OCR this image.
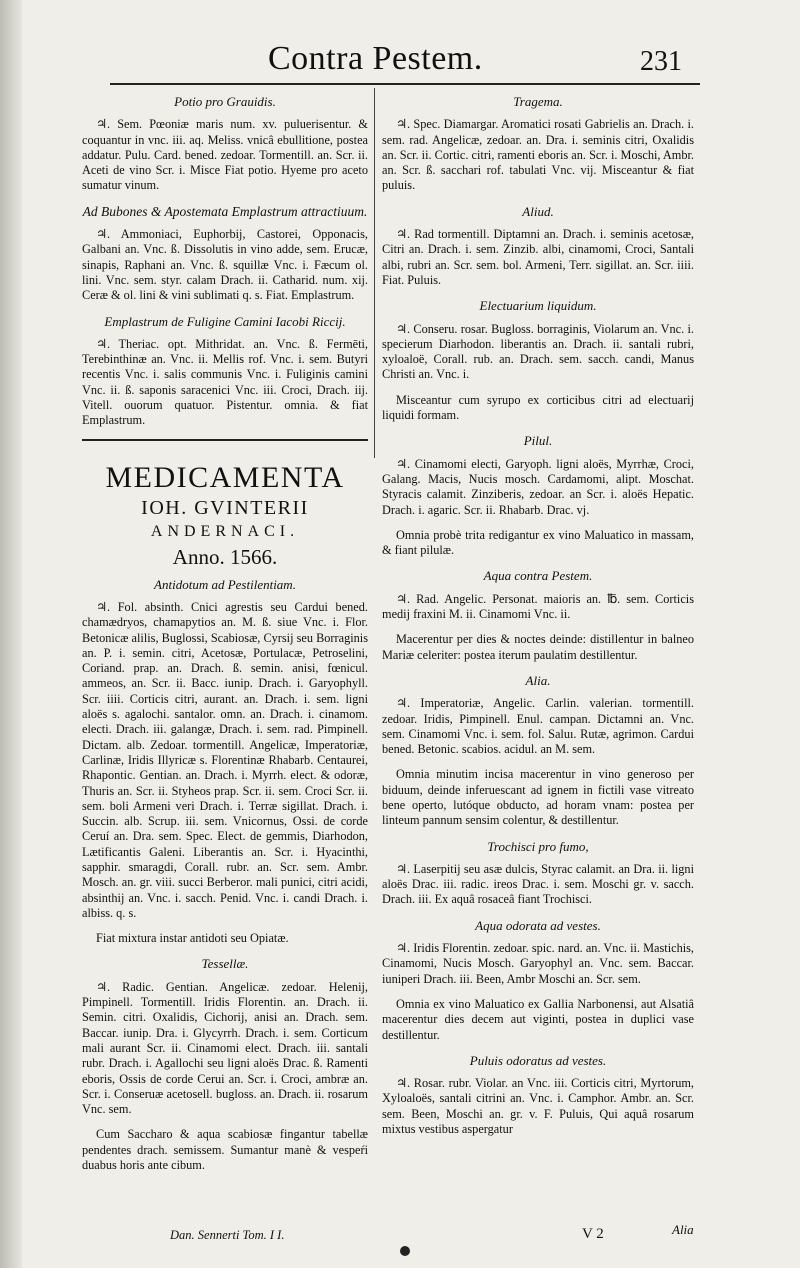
Contra Pestem.	231
Potio pro Grauidis.

♃. Sem. Pœoniæ maris num. xv. puluerisentur. & coquantur in vnc. iii. aq. Meliss. vnicâ ebullitione, postea addatur. Pulu. Card. bened. zedoar. Tormentill. an. Scr. ii. Aceti de vino Scr. i. Misce Fiat potio. Hyeme pro aceto sumatur vinum.

Ad Bubones & Apostemata Emplastrum attractiuum.

♃. Ammoniaci, Euphorbij, Castorei, Opponacis, Galbani an. Vnc. ß. Dissolutis in vino adde, sem. Erucæ, sinapis, Raphani an. Vnc. ß. squillæ Vnc. i. Fæcum ol. lini. Vnc. sem. styr. calam Drach. ii. Catharid. num. xij. Ceræ & ol. lini & vini sublimati q. s. Fiat. Emplastrum.

Emplastrum de Fuligine Camini Iacobi Riccij.

♃. Theriac. opt. Mithridat. an. Vnc. ß. Fermēti, Terebinthinæ an. Vnc. ii. Mellis rof. Vnc. i. sem. Butyri recentis Vnc. i. salis communis Vnc. i. Fuliginis camini Vnc. ii. ß. saponis saracenici Vnc. iii. Croci, Drach. iij. Vitell. ouorum quatuor. Pistentur. omnia. & fiat Emplastrum.

MEDICAMENTA
IOH. GVINTERII
ANDERNACI.
Anno. 1566.
Antidotum ad Pestilentiam.

♃. Fol. absinth. Cnici agrestis seu Cardui bened. chamædryos, chamapytios an. M. ß. siue Vnc. i. Flor. Betonicæ alilis, Buglossi, Scabiosæ, Cyrsij seu Borraginis an. P. i. semin. citri, Acetosæ, Portulacæ, Petroselini, Coriand. prap. an. Drach. ß. semin. anisi, fœnicul. ammeos, an. Scr. ii. Bacc. iunip. Drach. i. Garyophyll. Scr. iiii. Corticis citri, aurant. an. Drach. i. sem. ligni aloës s. agalochi. santalor. omn. an. Drach. i. cinamom. electi. Drach. iii. galangæ, Drach. i. sem. rad. Pimpinell. Dictam. alb. Zedoar. tormentill. Angelicæ, Imperatoriæ, Carlinæ, Iridis Illyricæ s. Florentinæ Rhabarb. Centaurei, Rhapontic. Gentian. an. Drach. i. Myrrh. elect. & odoræ, Thuris an. Scr. ii. Styheos prap. Scr. ii. sem. Croci Scr. ii. sem. boli Armeni veri Drach. i. Terræ sigillat. Drach. i. Succin. alb. Scrup. iii. sem. Vnicornus, Ossi. de corde Ceruí an. Dra. sem. Spec. Elect. de gemmis, Diarhodon, Lætificantis Galeni. Liberantis an. Scr. i. Hyacinthi, sapphir. smaragdi, Corall. rubr. an. Scr. sem. Ambr. Mosch. an. gr. viii. succi Berberor. mali punici, citri acidi, absinthij an. Vnc. i. sacch. Penid. Vnc. i. candi Drach. i. albiss. q. s.

Fiat mixtura instar antidoti seu Opiatæ.

Tessellæ.

♃. Radic. Gentian. Angelicæ. zedoar. Helenij, Pimpinell. Tormentill. Iridis Florentin. an. Drach. ii. Semin. citri. Oxalidis, Cichorij, anisi an. Drach. sem. Baccar. iunip. Dra. i. Glycyrrh. Drach. i. sem. Corticum mali aurant Scr. ii. Cinamomi elect. Drach. iii. santali rubr. Drach. i. Agallochi seu ligni aloës Drac. ß. Ramenti eboris, Ossis de corde Cerui an. Scr. i. Croci, ambræ an. Scr. i. Conseruæ acetosell. bugloss. an. Drach. ii. rosarum Vnc. sem.

Cum Saccharo & aqua scabiosæ fingantur tabellæ pendentes drach. semissem. Sumantur manè & vespeŕi duabus horis ante cibum.

Tragema.

♃. Spec. Diamargar. Aromatici rosati Gabrielis an. Drach. i. sem. rad. Angelicæ, zedoar. an. Dra. i. seminis citri, Oxalidis an. Scr. ii. Cortic. citri, ramenti eboris an. Scr. i. Moschi, Ambr. an. Scr. ß. sacchari rof. tabulati Vnc. vij. Misceantur & fiat puluis.

Aliud.

♃. Rad tormentill. Diptamni an. Drach. i. seminis acetosæ, Citri an. Drach. i. sem. Zinzib. albi, cinamomi, Croci, Santali albi, rubri an. Scr. sem. bol. Armeni, Terr. sigillat. an. Scr. iiii. Fiat. Puluis.

Electuarium liquidum.

♃. Conseru. rosar. Bugloss. borraginis, Violarum an. Vnc. i. specierum Diarhodon. liberantis an. Drach. ii. santali rubri, xyloaloë, Corall. rub. an. Drach. sem. sacch. candi, Manus Christi an. Vnc. i.

Misceantur cum syrupo ex corticibus citri ad electuarij liquidi formam.

Pilul.

♃. Cinamomi electi, Garyoph. ligni aloës, Myrrhæ, Croci, Galang. Macis, Nucis mosch. Cardamomi, alipt. Moschat. Styracis calamit. Zinziberis, zedoar. an Scr. i. aloës Hepatic. Drach. i. agaric. Scr. ii. Rhabarb. Drac. vj.

Omnia probè trita redigantur ex vino Maluatico in massam, & fiant pilulæ.

Aqua contra Pestem.

♃. Rad. Angelic. Personat. maioris an. ℔. sem. Corticis medij fraxini M. ii. Cinamomi Vnc. ii.

Macerentur per dies & noctes deinde: distillentur in balneo Mariæ celeriter: postea iterum paulatim destillentur.

Alia.

♃. Imperatoriæ, Angelic. Carlin. valerian. tormentill. zedoar. Iridis, Pimpinell. Enul. campan. Dictamni an. Vnc. sem. Cinamomi Vnc. i. sem. fol. Saluı. Rutæ, agrimon. Cardui bened. Betonic. scabios. acidul. an M. sem.

Omnia minutim incisa macerentur in vino generoso per biduum, deinde inferuescant ad ignem in fictili vase vitreato bene operto, lutóque obducto, ad horam vnam: postea per linteum pannum sensim colentur, & destillentur.

Trochisci pro fumo,

♃. Laserpitij seu asæ dulcis, Styrac calamit. an Dra. ii. ligni aloës Drac. iii. radic. ireos Drac. i. sem. Moschi gr. v. sacch. Drach. iii. Ex aquâ rosaceâ fiant Trochisci.

Aqua odorata ad vestes.

♃. Iridis Florentin. zedoar. spic. nard. an. Vnc. ii. Mastichis, Cinamomi, Nucis Mosch. Garyophyl an. Vnc. sem. Baccar. iuniperi Drach. iii. Been, Ambr Moschi an. Scr. sem.

Omnia ex vino Maluatico ex Gallia Narbonensi, aut Alsatiâ macerentur dies decem aut viginti, postea in duplici vase destillentur.

Puluis odoratus ad vestes.

♃. Rosar. rubr. Violar. an Vnc. iii. Corticis citri, Myrtorum, Xyloaloës, santali citrini an. Vnc. i. Camphor. Ambr. an. Scr. sem. Been, Moschi an. gr. v. F. Puluis, Qui aquâ rosarum mixtus vestibus aspergatur

Dan. Sennerti Tom. I I.	V 2	Alia
